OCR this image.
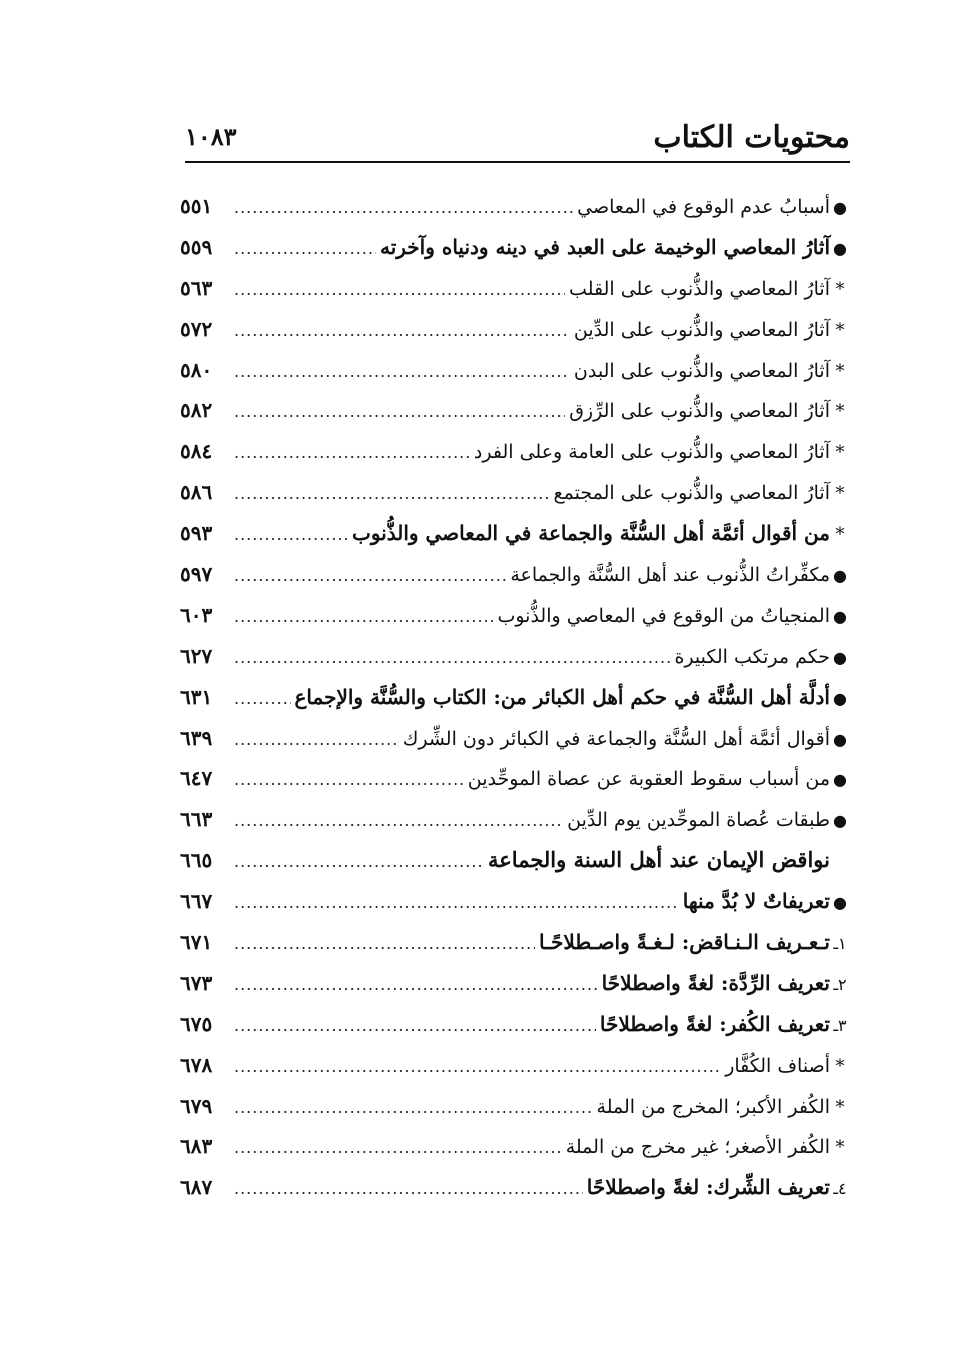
محتويات الكتاب
١٠٨٣
●
أسبابُ عدم الوقوع في المعاصي
.....
٥٥١
●
آثارُ المعاصي الوخيمة على العبد في دينه ودنياه وآخرته
.....
٥٥٩
*
آثارُ المعاصي والذُّنوب على القلب
.....
٥٦٣
*
آثارُ المعاصي والذُّنوب على الدِّين
.....
٥٧٢
*
آثارُ المعاصي والذُّنوب على البدن
.....
٥٨٠
*
آثارُ المعاصي والذُّنوب على الرِّزق
.....
٥٨٢
*
آثارُ المعاصي والذُّنوب على العامة وعلى الفرد
.....
٥٨٤
*
آثارُ المعاصي والذُّنوب على المجتمع
.....
٥٨٦
*
من أقوال أئمَّة أهل السُّنَّة والجماعة في المعاصي والذُّنوب
.....
٥٩٣
●
مكفِّراتُ الذُّنوب عند أهل السُّنَّة والجماعة
.....
٥٩٧
●
المنجياتُ من الوقوع في المعاصي والذُّنوب
.....
٦٠٣
●
حكم مرتكب الكبيرة
.....
٦٢٧
●
أدلَّة أهل السُّنَّة في حكم أهل الكبائر من: الكتاب والسُّنَّة والإجماع
.....
٦٣١
●
أقوال أئمَّة أهل السُّنَّة والجماعة في الكبائر دون الشِّرك
.....
٦٣٩
●
من أسباب سقوط العقوبة عن عصاة الموحِّدين
.....
٦٤٧
●
طبقات عُصاة الموحِّدين يوم الدِّين
.....
٦٦٣
نواقض الإيمان عند أهل السنة والجماعة
.....
٦٦٥
●
تعريفاتٌ لا بُدَّ منها
.....
٦٦٧
١ـ
تـعـريف الـنـاقض: لـغـةً واصـطلاحًـا
.....
٦٧١
٢ـ
تعريف الرِّدَّة: لغةً واصطلاحًا
.....
٦٧٣
٣ـ
تعريف الكُفر: لغةً واصطلاحًا
.....
٦٧٥
*
أصناف الكُفَّار
.....
٦٧٨
*
الكُفر الأكبر؛ المخرج من الملة
.....
٦٧٩
*
الكُفر الأصغر؛ غير مخرج من الملة
.....
٦٨٣
٤ـ
تعريف الشِّرك: لغةً واصطلاحًا
.....
٦٨٧
